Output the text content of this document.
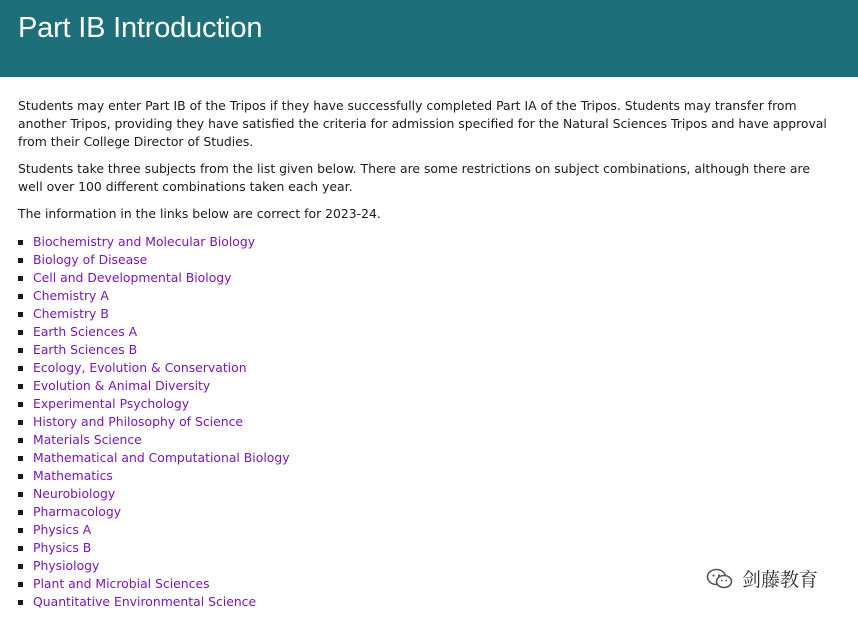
Part IB Introduction

Students may enter Part IB of the Tripos if they have successfully completed Part IA of the Tripos. Students may transfer from another Tripos, providing they have satisfied the criteria for admission specified for the Natural Sciences Tripos and have approval from their College Director of Studies.

Students take three subjects from the list given below. There are some restrictions on subject combinations, although there are well over 100 different combinations taken each year.

The information in the links below are correct for 2023-24.

Biochemistry and Molecular Biology
Biology of Disease
Cell and Developmental Biology
Chemistry A
Chemistry B
Earth Sciences A
Earth Sciences B
Ecology, Evolution & Conservation
Evolution & Animal Diversity
Experimental Psychology
History and Philosophy of Science
Materials Science
Mathematical and Computational Biology
Mathematics
Neurobiology
Pharmacology
Physics A
Physics B
Physiology
Plant and Microbial Sciences
Quantitative Environmental Science
剑藤教育
